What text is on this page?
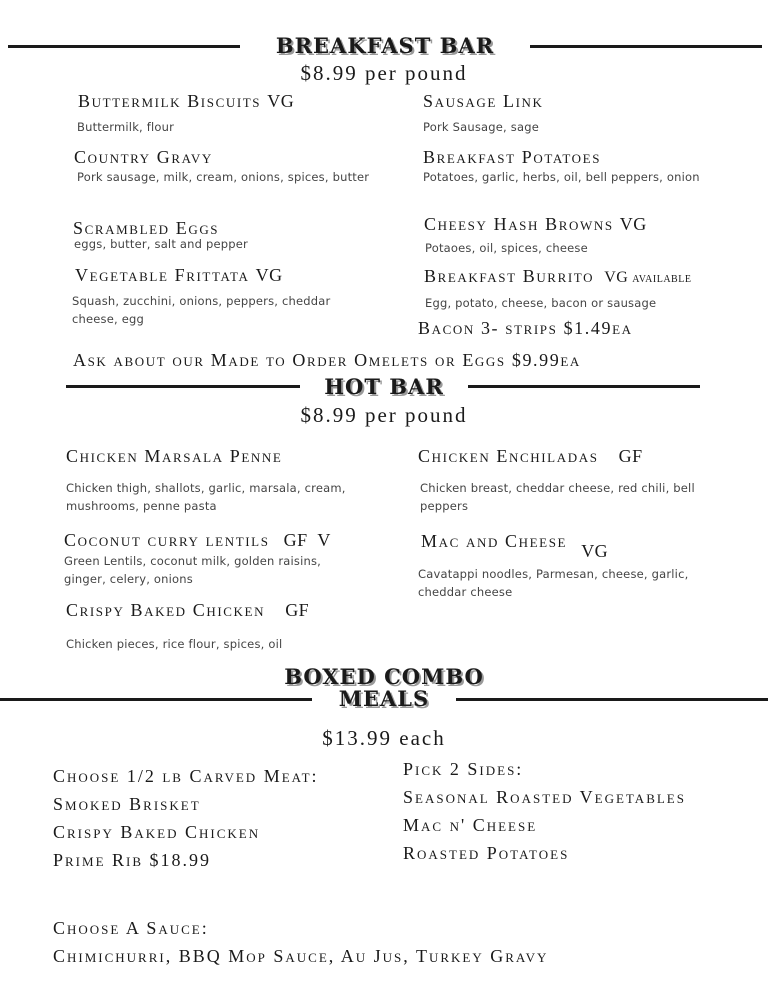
BREAKFAST BAR
$8.99 per pound
Buttermilk Biscuits VG
Buttermilk, flour
Country Gravy
Pork sausage, milk, cream, onions, spices, butter
Scrambled Eggs
eggs, butter, salt and pepper
Vegetable Frittata VG
Squash, zucchini, onions, peppers, cheddar cheese, egg
Sausage Link
Pork Sausage, sage
Breakfast Potatoes
Potatoes, garlic, herbs, oil, bell peppers, onion
Cheesy Hash Browns VG
Potaoes, oil, spices, cheese
Breakfast Burrito VG available
Egg, potato, cheese, bacon or sausage
Bacon 3- strips $1.49ea
Ask about our Made to Order Omelets or Eggs $9.99ea
HOT BAR
$8.99 per pound
Chicken Marsala Penne
Chicken thigh, shallots, garlic, marsala, cream, mushrooms, penne pasta
Chicken Enchiladas GF
Chicken breast, cheddar cheese, red chili, bell peppers
Coconut curry lentils GF  V
Green Lentils, coconut milk, golden raisins, ginger, celery, onions
Mac and Cheese VG
Cavatappi noodles, Parmesan, cheese, garlic, cheddar cheese
Crispy Baked Chicken GF
Chicken pieces, rice flour, spices, oil
BOXED COMBO
MEALS
$13.99 each
Choose 1/2 lb Carved Meat:
Smoked Brisket
Crispy Baked Chicken
Prime Rib $18.99
Pick 2 Sides:
Seasonal Roasted Vegetables
Mac n' Cheese
Roasted Potatoes
Choose A Sauce:
Chimichurri, BBQ Mop Sauce, Au Jus, Turkey Gravy
